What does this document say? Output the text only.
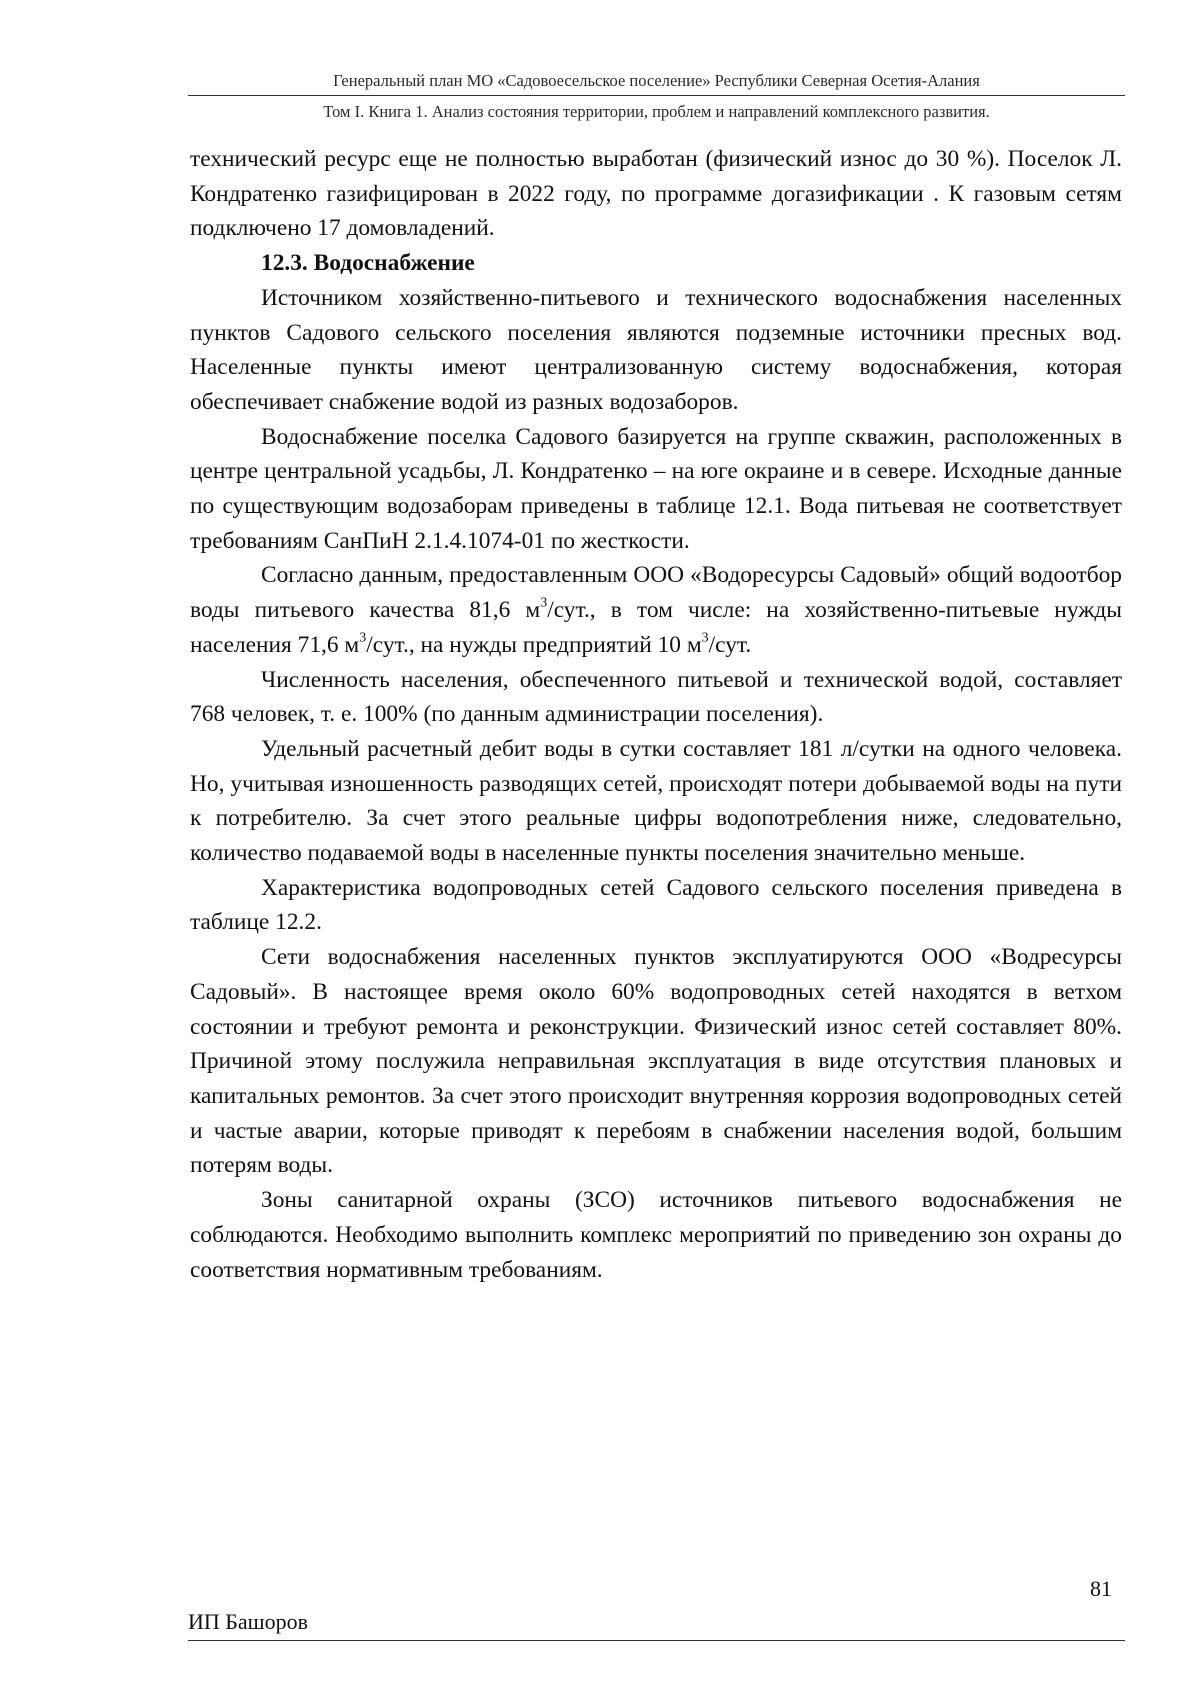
Генеральный план МО «Садовоесельское поселение» Республики Северная Осетия-Алания
Том I. Книга 1. Анализ состояния территории, проблем и направлений комплексного развития.

технический ресурс еще не полностью выработан (физический износ до 30 %). Поселок Л. Кондратенко газифицирован в 2022 году, по программе догазификации . К газовым сетям подключено 17 домовладений.

12.3. Водоснабжение

Источником хозяйственно-питьевого и технического водоснабжения населенных пунктов Садового сельского поселения являются подземные источники пресных вод. Населенные пункты имеют централизованную систему водоснабжения, которая обеспечивает снабжение водой из разных водозаборов.

Водоснабжение поселка Садового базируется на группе скважин, расположенных в центре центральной усадьбы, Л. Кондратенко – на юге окраине и в севере. Исходные данные по существующим водозаборам приведены в таблице 12.1. Вода питьевая не соответствует требованиям СанПиН 2.1.4.1074-01 по жесткости.

Согласно данным, предоставленным ООО «Водоресурсы Садовый» общий водоотбор воды питьевого качества 81,6 $м^3$/сут., в том числе: на хозяйственно-питьевые нужды населения 71,6 $м^3$/сут., на нужды предприятий 10 $м^3$/сут.

Численность населения, обеспеченного питьевой и технической водой, составляет 768 человек, т. е. 100% (по данным администрации поселения).

Удельный расчетный дебит воды в сутки составляет 181 л/сутки на одного человека. Но, учитывая изношенность разводящих сетей, происходят потери добываемой воды на пути к потребителю. За счет этого реальные цифры водопотребления ниже, следовательно, количество подаваемой воды в населенные пункты поселения значительно меньше.

Характеристика водопроводных сетей Садового сельского поселения приведена в таблице 12.2.

Сети водоснабжения населенных пунктов эксплуатируются ООО «Водресурсы Садовый». В настоящее время около 60% водопроводных сетей находятся в ветхом состоянии и требуют ремонта и реконструкции. Физический износ сетей составляет 80%. Причиной этому послужила неправильная эксплуатация в виде отсутствия плановых и капитальных ремонтов. За счет этого происходит внутренняя коррозия водопроводных сетей и частые аварии, которые приводят к перебоям в снабжении населения водой, большим потерям воды.

Зоны санитарной охраны (ЗСО) источников питьевого водоснабжения не соблюдаются. Необходимо выполнить комплекс мероприятий по приведению зон охраны до соответствия нормативным требованиям.

81
ИП Башоров
